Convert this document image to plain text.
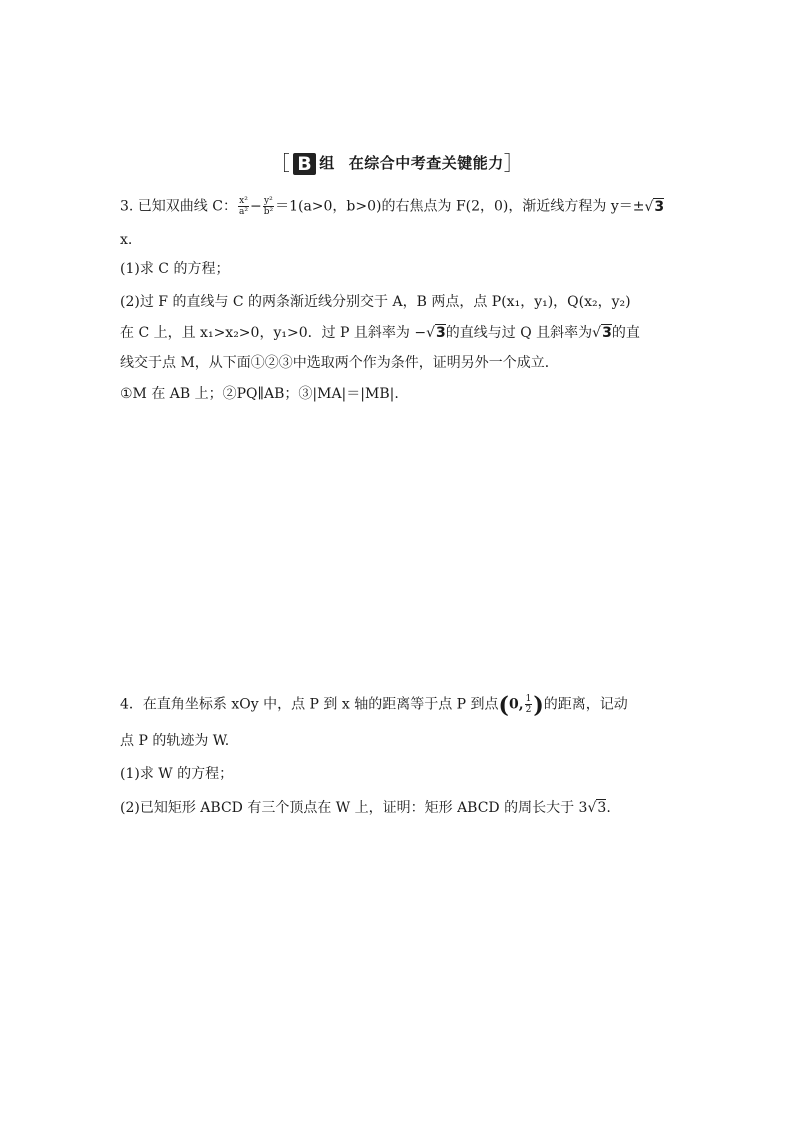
［ B 组 在综合中考查关键能力］
3. 已知双曲线 C： $\frac{\text{x²}}{\text{a²}} - \frac{\text{y²}}{\text{b²}} =1(a>0$，b>0)的右焦点为 F(2，0)，渐近线方程为 y＝±√3
x.
(1)求 C 的方程；
(2)过 F 的直线与 C 的两条渐近线分别交于 A，B 两点，点 P(x₁，y₁)，Q(x₂，y₂)
在 C 上，且 x₁>x₂>0，y₁>0．过 P 且斜率为 −√3的直线与过 Q 且斜率为√3的直
线交于点 M，从下面①②③中选取两个作为条件，证明另外一个成立．
①M 在 AB 上；②PQ∥AB；③|MA|＝|MB|.
4．在直角坐标系 xOy 中，点 P 到 x 轴的距离等于点 P 到点(0, $\frac{1}{2}$ )的距离，记动
点 P 的轨迹为 W.
(1)求 W 的方程；
(2)已知矩形 ABCD 有三个顶点在 W 上，证明：矩形 ABCD 的周长大于 3√3.
